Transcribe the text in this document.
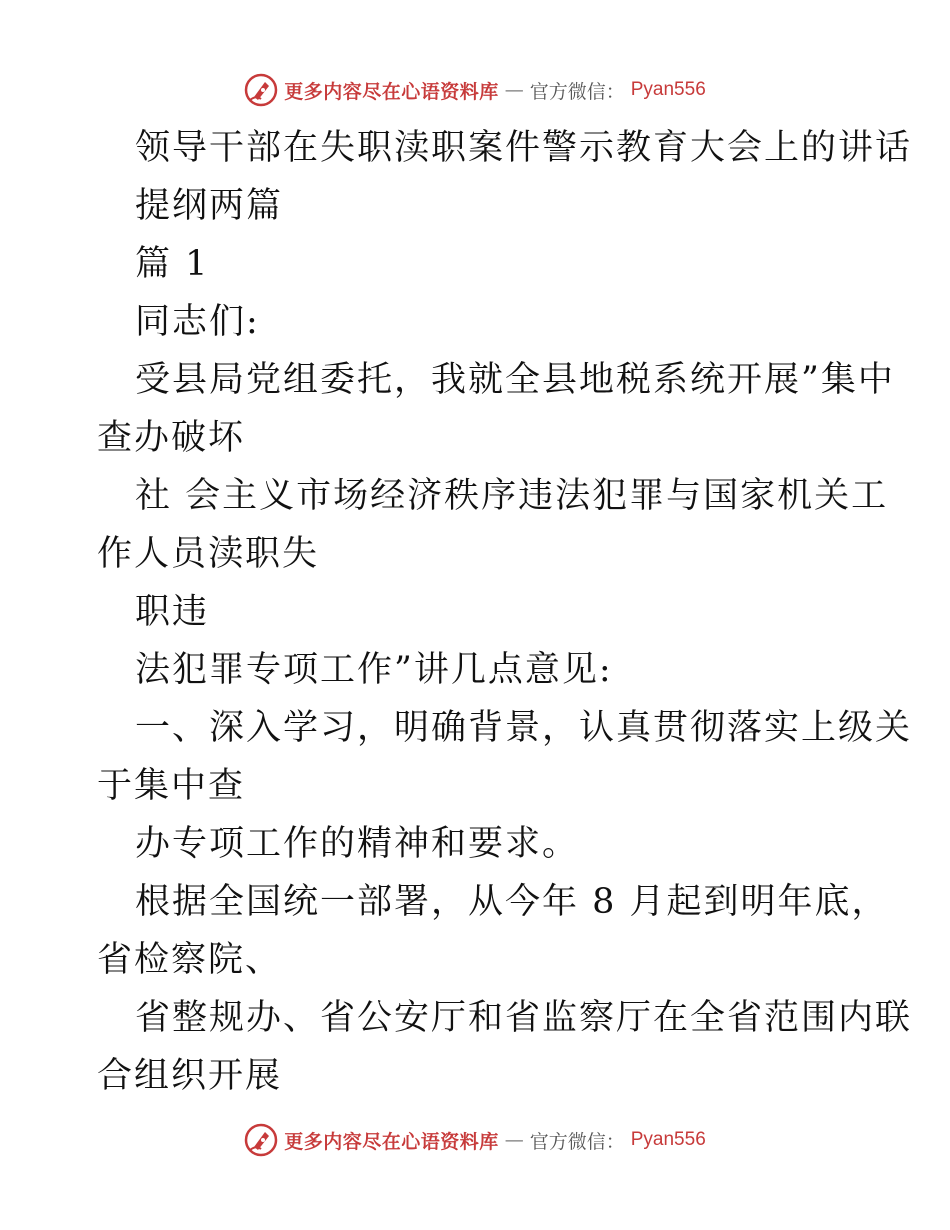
更多内容尽在心语资料库 — 官方微信： Pyan556
领导干部在失职渎职案件警示教育大会上的讲话
提纲两篇
篇 1
同志们:
受县局党组委托，我就全县地税系统开展”集中
查办破坏
社 会主义市场经济秩序违法犯罪与国家机关工
作人员渎职失
职违
法犯罪专项工作”讲几点意见:
一、深入学习，明确背景，认真贯彻落实上级关
于集中查
办专项工作的精神和要求。
根据全国统一部署，从今年 8 月起到明年底，
省检察院、
省整规办、省公安厅和省监察厅在全省范围内联
合组织开展
更多内容尽在心语资料库 — 官方微信： Pyan556
